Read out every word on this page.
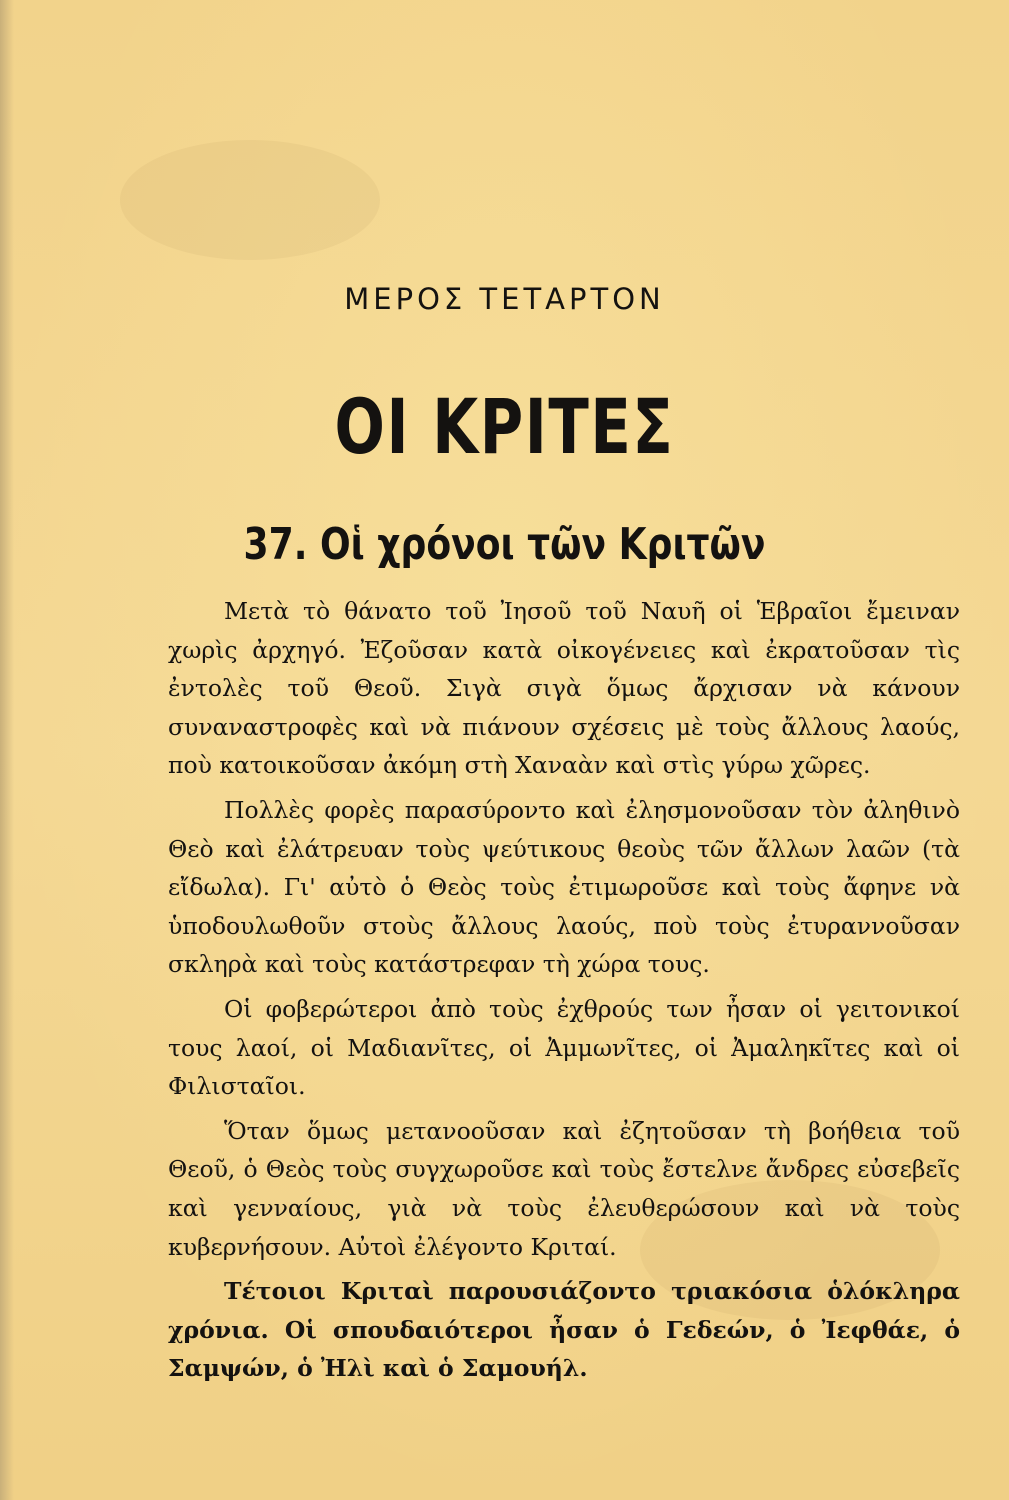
ΜΕΡΟΣ ΤΕΤΑΡΤΟΝ
ΟΙ ΚΡΙΤΕΣ
37. Οἱ χρόνοι τῶν Κριτῶν

Μετὰ τὸ θάνατο τοῦ Ἰησοῦ τοῦ Ναυῆ οἱ Ἑβραῖοι ἔμειναν χωρὶς ἀρχηγό. Ἐζοῦσαν κατὰ οἰκογένειες καὶ ἐκρατοῦσαν τὶς ἐντολὲς τοῦ Θεοῦ. Σιγὰ σιγὰ ὅμως ἄρχισαν νὰ κάνουν συναναστροφὲς καὶ νὰ πιάνουν σχέσεις μὲ τοὺς ἄλλους λαούς, ποὺ κατοικοῦσαν ἀκόμη στὴ Χαναὰν καὶ στὶς γύρω χῶρες.

Πολλὲς φορὲς παρασύροντο καὶ ἐλησμονοῦσαν τὸν ἀληθινὸ Θεὸ καὶ ἐλάτρευαν τοὺς ψεύτικους θεοὺς τῶν ἄλλων λαῶν (τὰ εἴδωλα). Γι' αὐτὸ ὁ Θεὸς τοὺς ἐτιμωροῦσε καὶ τοὺς ἄφηνε νὰ ὑποδουλωθοῦν στοὺς ἄλλους λαούς, ποὺ τοὺς ἐτυραννοῦσαν σκληρὰ καὶ τοὺς κατάστρεφαν τὴ χώρα τους.

Οἱ φοβερώτεροι ἀπὸ τοὺς ἐχθρούς των ἦσαν οἱ γειτονικοί τους λαοί, οἱ Μαδιανῖτες, οἱ Ἀμμωνῖτες, οἱ Ἀμαληκῖτες καὶ οἱ Φιλισταῖοι.

Ὅταν ὅμως μετανοοῦσαν καὶ ἐζητοῦσαν τὴ βοήθεια τοῦ Θεοῦ, ὁ Θεὸς τοὺς συγχωροῦσε καὶ τοὺς ἔστελνε ἄνδρες εὐσεβεῖς καὶ γενναίους, γιὰ νὰ τοὺς ἐλευθερώσουν καὶ νὰ τοὺς κυβερνήσουν. Αὐτοὶ ἐλέγοντο Κριταί.

Τέτοιοι Κριταὶ παρουσιάζοντο τριακόσια ὁλόκληρα χρόνια. Οἱ σπουδαιότεροι ἦσαν ὁ Γεδεών, ὁ Ἰεφθάε, ὁ Σαμψών, ὁ Ἠλὶ καὶ ὁ Σαμουήλ.
